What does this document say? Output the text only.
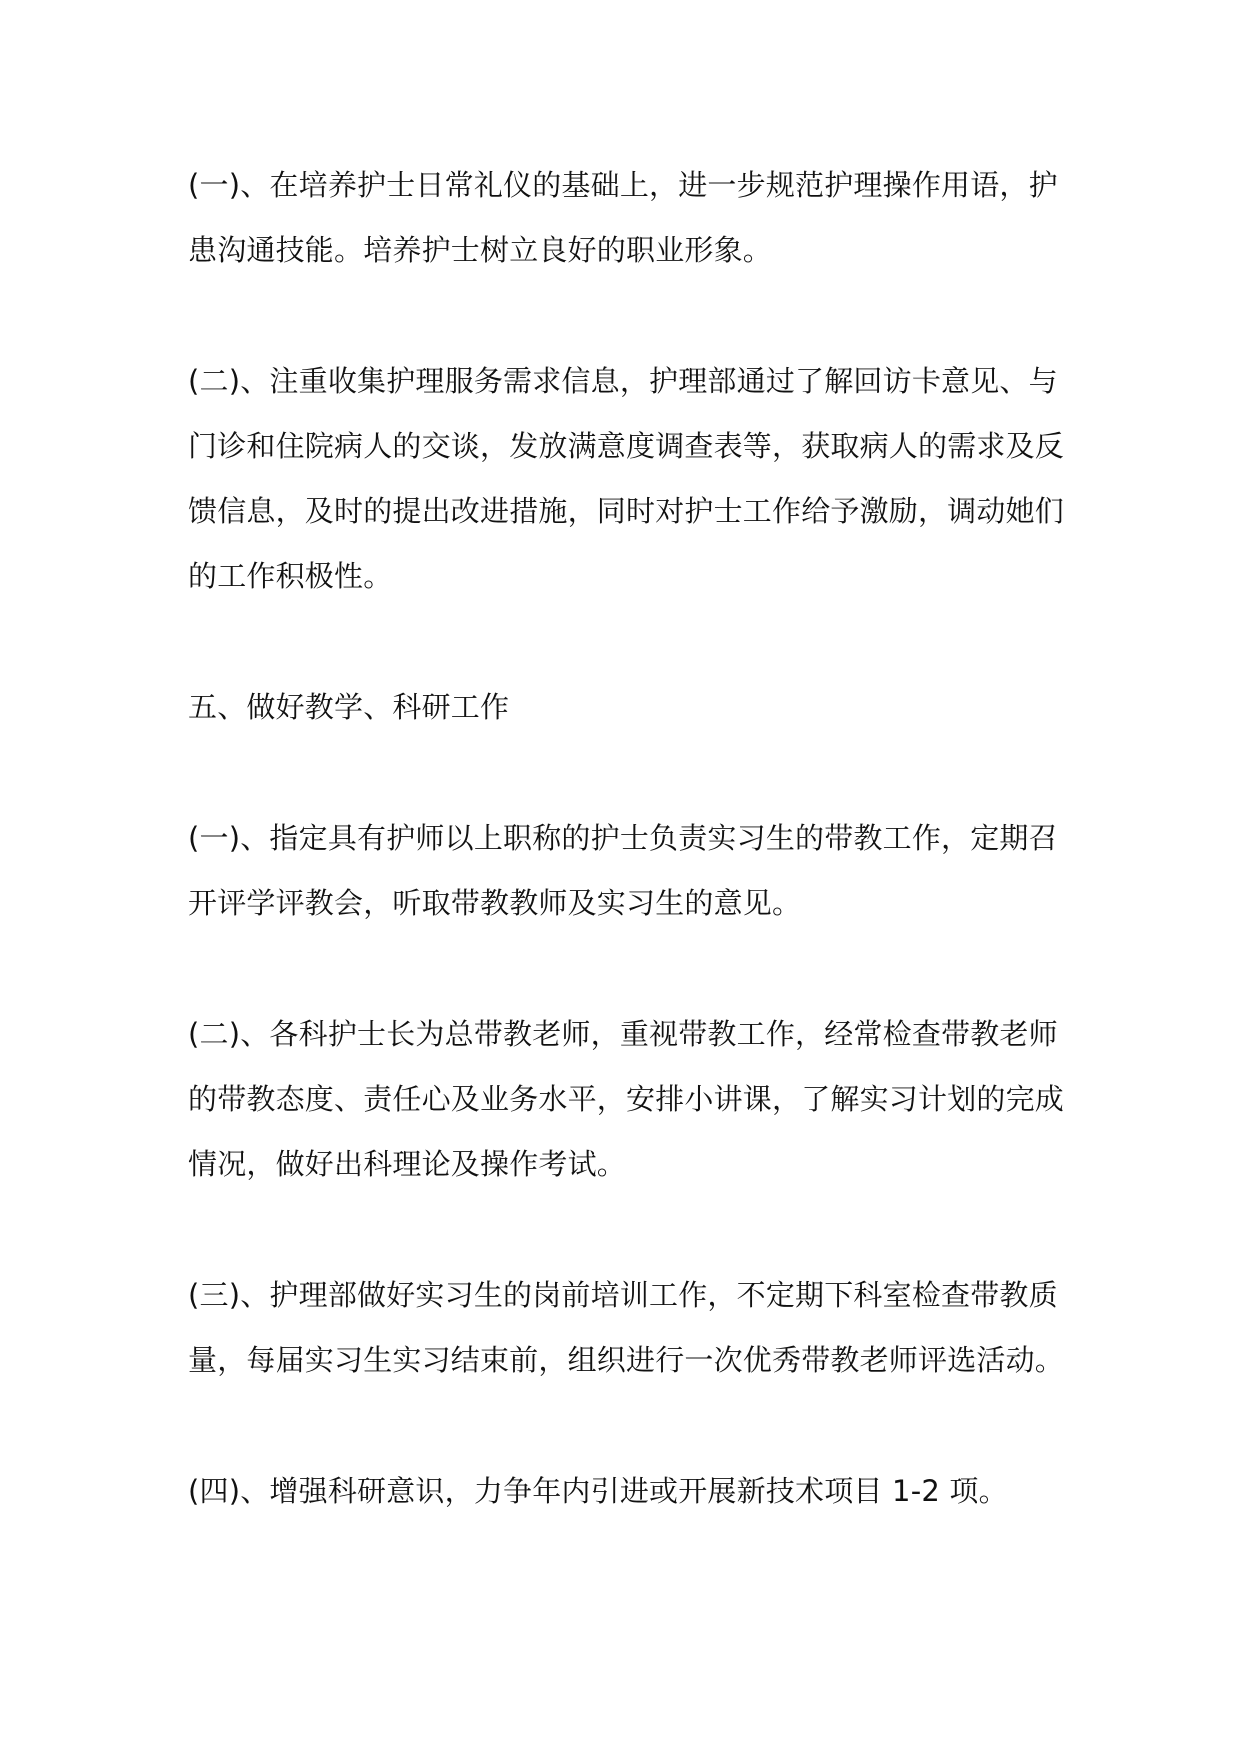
(一)、在培养护士日常礼仪的基础上，进一步规范护理操作用语，护
患沟通技能。培养护士树立良好的职业形象。
(二)、注重收集护理服务需求信息，护理部通过了解回访卡意见、与
门诊和住院病人的交谈，发放满意度调查表等，获取病人的需求及反
馈信息，及时的提出改进措施，同时对护士工作给予激励，调动她们
的工作积极性。
五、做好教学、科研工作
(一)、指定具有护师以上职称的护士负责实习生的带教工作，定期召
开评学评教会，听取带教教师及实习生的意见。
(二)、各科护士长为总带教老师，重视带教工作，经常检查带教老师
的带教态度、责任心及业务水平，安排小讲课，了解实习计划的完成
情况，做好出科理论及操作考试。
(三)、护理部做好实习生的岗前培训工作，不定期下科室检查带教质
量，每届实习生实习结束前，组织进行一次优秀带教老师评选活动。
(四)、增强科研意识，力争年内引进或开展新技术项目 1-2 项。
